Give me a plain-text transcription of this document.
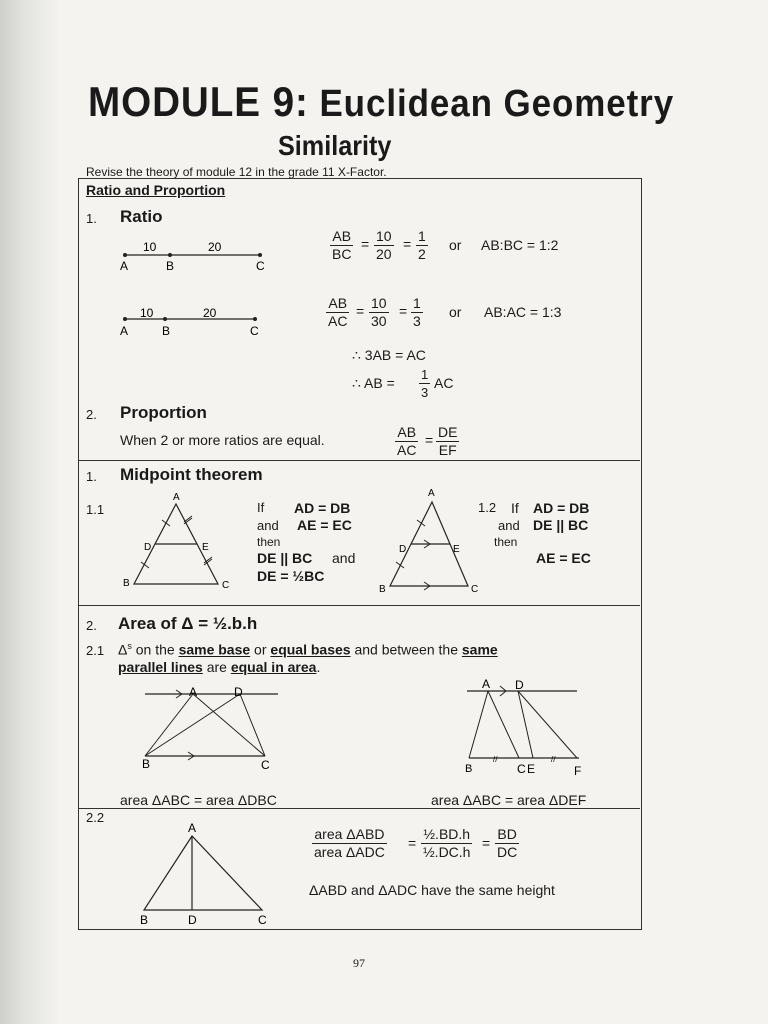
MODULE 9: Euclidean Geometry
Similarity
Revise the theory of module 12 in the grade 11 X-Factor.
Ratio and Proportion
1. Ratio
10	20
A	B	C
$\frac{AB}{BC} = \frac{10}{20} = \frac{1}{2}$ or AB:BC = 1:2
10	20
A	B	C
$\frac{AB}{AC} = \frac{10}{30} = \frac{1}{3}$ or AB:AC = 1:3
∴ 3AB = AC
∴ AB = $\frac{1}{3}$ AC
2. Proportion
When 2 or more ratios are equal.	$\frac{AB}{AC} = \frac{DE}{EF}$
1. Midpoint theorem
1.1
A
D	E
B	C
If AD = DB
and AE = EC
then
DE || BC and
DE = ½BC
A
D	E
B	C
1.2 If AD = DB
and DE || BC
then
AE = EC
2. Area of Δ = ½.b.h
2.1 $\Delta^s$ on the same base or equal bases and between the same
parallel lines are equal in area.
A	D
B	C
area ΔABC = area ΔDBC
//	//
A D
B	C E	F
area ΔABC = area ΔDEF
2.2
A
B	D	C
area ΔABD
area ΔADC
= $\frac{\text{½.BD.h}}{\text{½.DC.h}} = \frac{BD}{DC}$
ΔABD and ΔADC have the same height
97
